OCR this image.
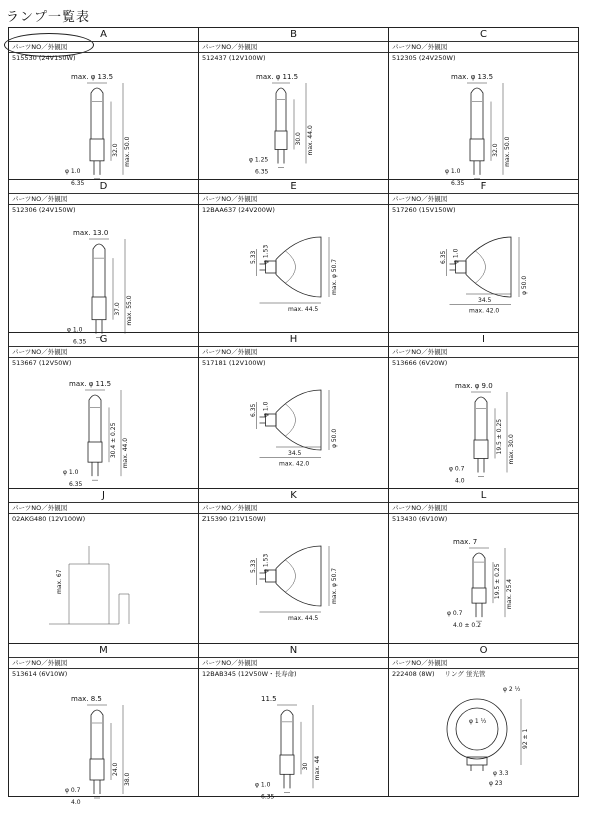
ランプ一覧表
A
パーツNO／外観図
515530 (24V150W)
max. φ 13.5
32.0 max. 50.0
φ 1.0
6.35
B
パーツNO／外観図
512437 (12V100W)
max. φ 11.5
30.0 max. 44.0
φ 1.25
6.35
C
パーツNO／外観図
512305 (24V250W)
max. φ 13.5
32.0 max. 50.0
φ 1.0
6.35
D
パーツNO／外観図
512306 (24V150W)
max. 13.0
37.0 max. 55.0
φ 1.0
6.35
E
パーツNO／外観図
12BAA637 (24V200W)
5.33 φ 1.53
max. φ 50.7
max. 44.5
F
パーツNO／外観図
517260 (15V150W)
6.35 φ 1.0
φ 50.0
34.5
max. 42.0
G
パーツNO／外観図
513667 (12V50W)
max. φ 11.5
30.4 ± 0.25 max. 44.0
φ 1.0
6.35
H
パーツNO／外観図
517181 (12V100W)
6.35 φ 1.0
φ 50.0
34.5
max. 42.0
I
パーツNO／外観図
513666 (6V20W)
max. φ 9.0
19.5 ± 0.25 max. 30.0
φ 0.7
4.0
J
パーツNO／外観図
02AKG480 (12V100W)
max. 67
K
パーツNO／外観図
Z15390 (21V150W)
5.33 φ 1.53
max. φ 50.7
max. 44.5
L
パーツNO／外観図
513430 (6V10W)
max. 7
19.5 ± 0.25 max. 25.4
φ 0.7
4.0 ± 0.2
M
パーツNO／外観図
513614 (6V10W)
max. 8.5
24.0
38.0
φ 0.7
4.0
N
パーツNO／外観図
12BAB345 (12V50W・長寿命)
11.5
30 max. 44
φ 1.0
6.35
O
パーツNO／外観図
222408 (8W) リング 蛍光管
φ 2 ½
φ 1 ½
92 ± 1
φ 3.3
φ 23
